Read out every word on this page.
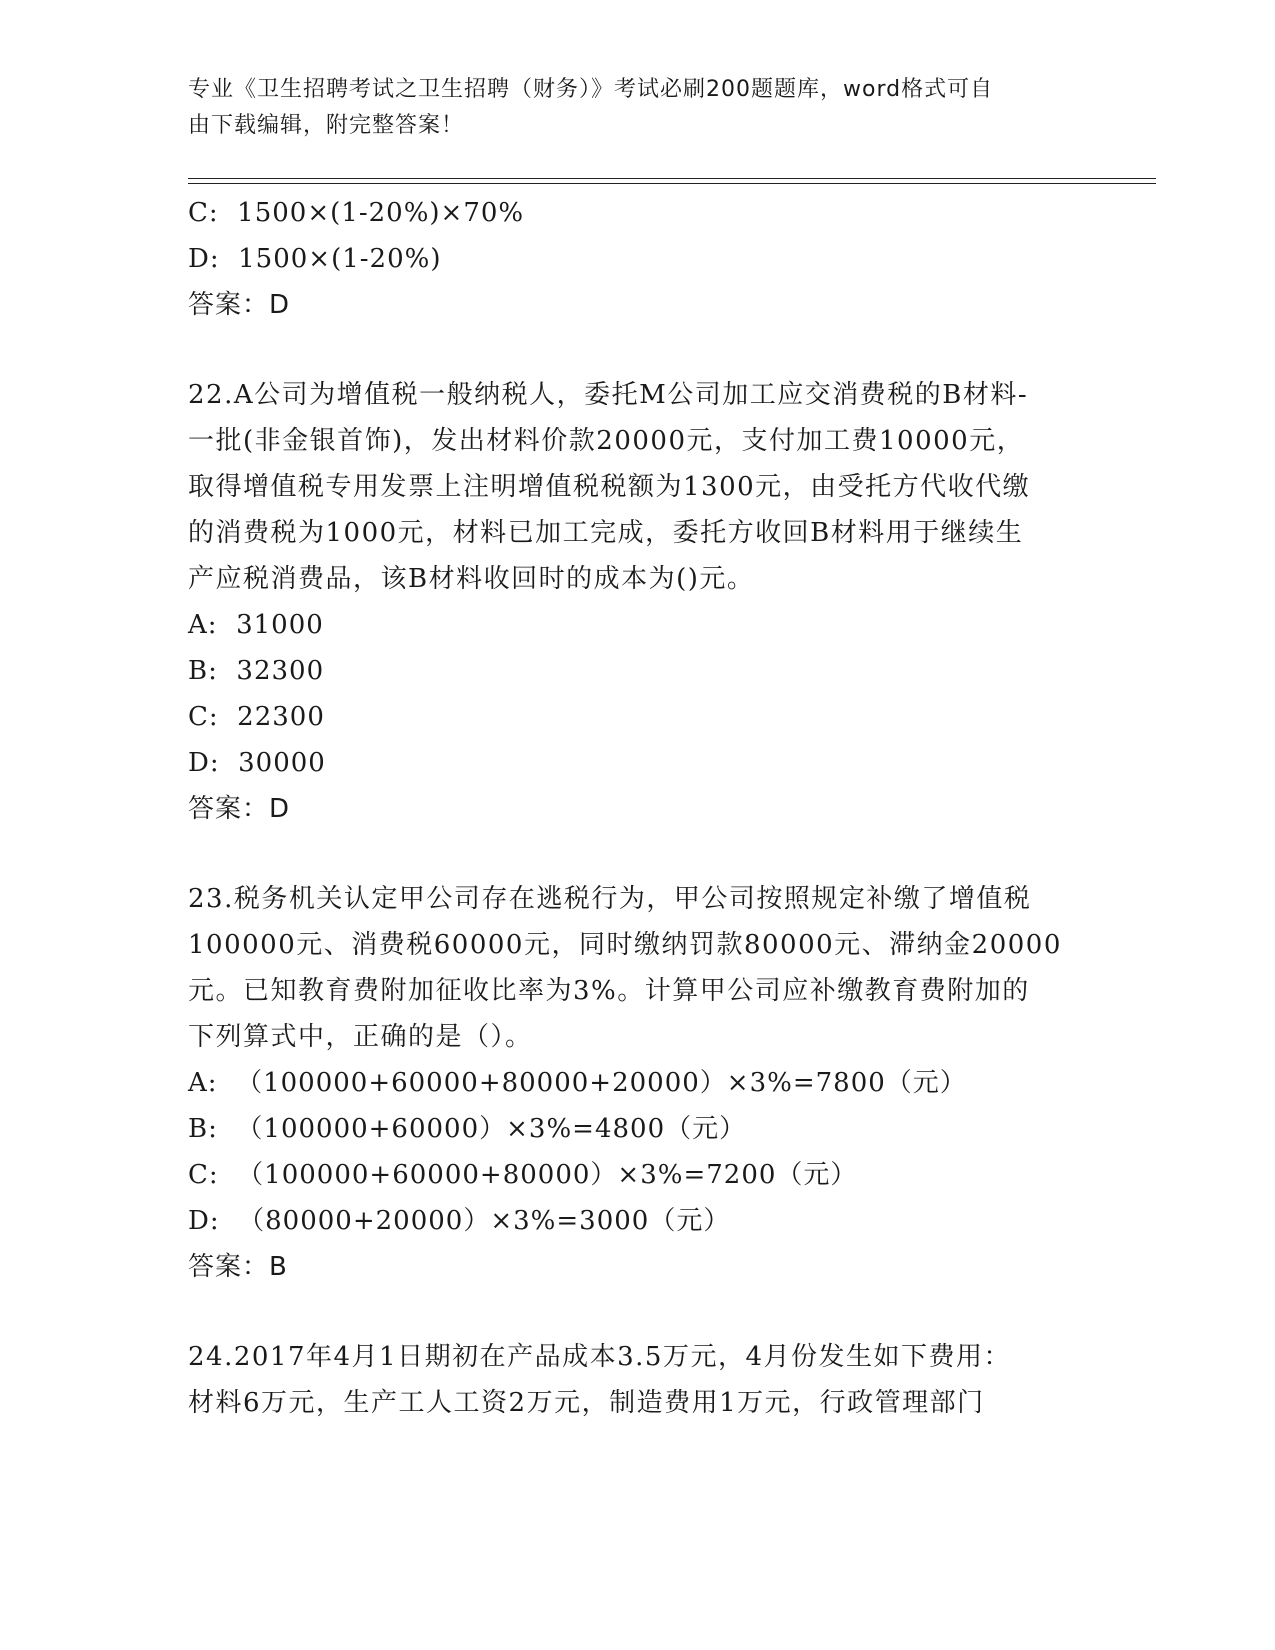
专业《卫生招聘考试之卫生招聘（财务）》考试必刷200题题库，word格式可自
由下载编辑，附完整答案！
C:  1500×(1-20%)×70%
D:  1500×(1-20%)
答案：D
22.A公司为增值税一般纳税人，委托M公司加工应交消费税的B材料-
一批(非金银首饰)，发出材料价款20000元，支付加工费10000元，
取得增值税专用发票上注明增值税税额为1300元，由受托方代收代缴
的消费税为1000元，材料已加工完成，委托方收回B材料用于继续生
产应税消费品，该B材料收回时的成本为()元。
A:  31000
B:  32300
C:  22300
D:  30000
答案：D
23.税务机关认定甲公司存在逃税行为，甲公司按照规定补缴了增值税
100000元、消费税60000元，同时缴纳罚款80000元、滞纳金20000
元。已知教育费附加征收比率为3%。计算甲公司应补缴教育费附加的
下列算式中，正确的是（）。
A:  （100000+60000+80000+20000）×3%=7800（元）
B:  （100000+60000）×3%=4800（元）
C:  （100000+60000+80000）×3%=7200（元）
D:  （80000+20000）×3%=3000（元）
答案：B
24.2017年4月1日期初在产品成本3.5万元，4月份发生如下费用：
材料6万元，生产工人工资2万元，制造费用1万元，行政管理部门
